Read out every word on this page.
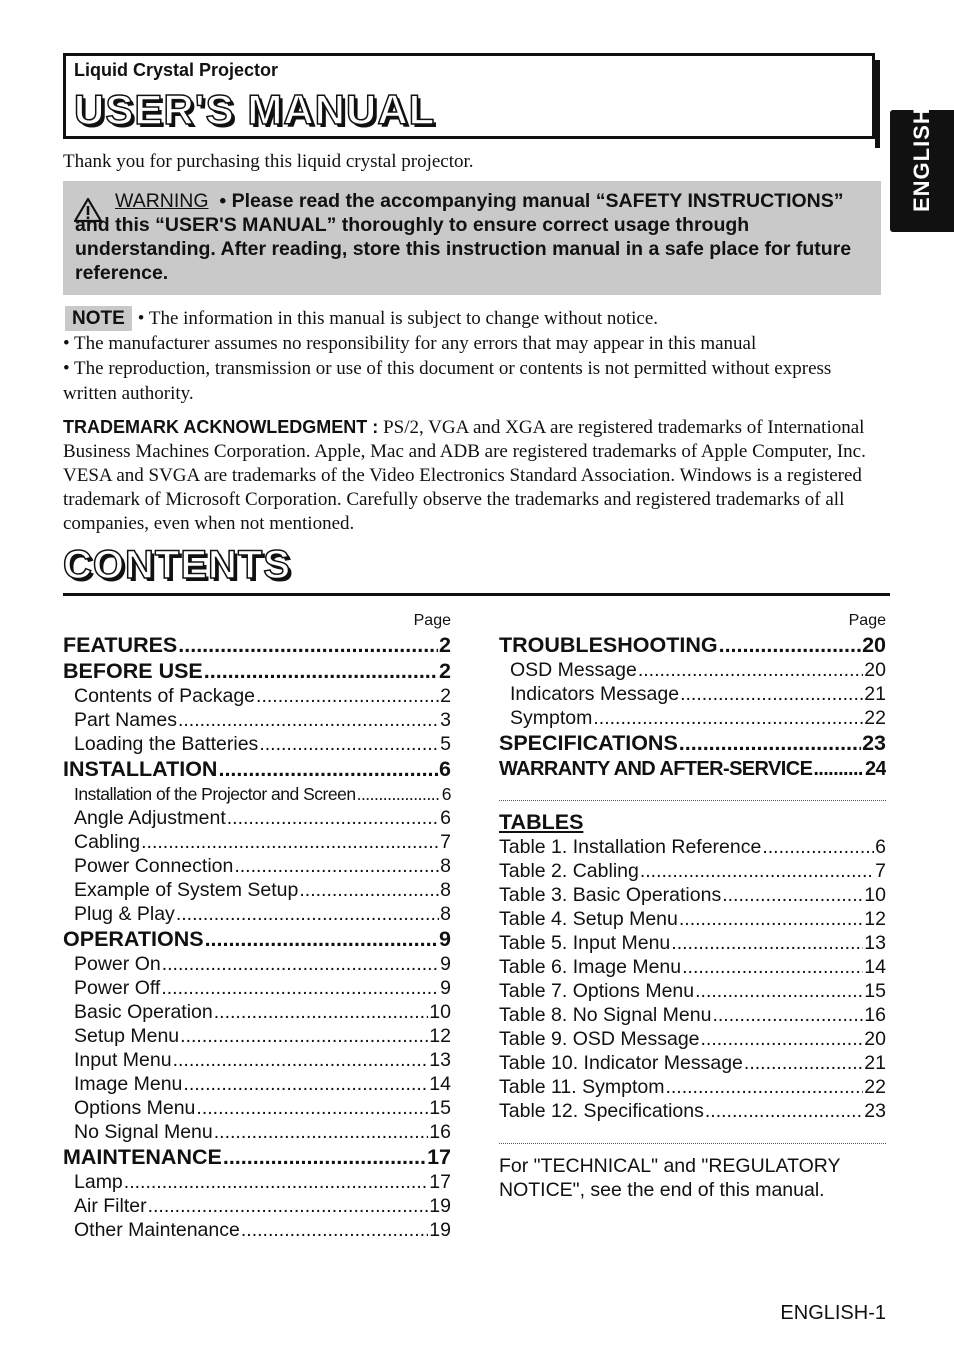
Liquid Crystal Projector
USER'S MANUAL	ENGLISH
Thank you for purchasing this liquid crystal projector.
WARNING • Please read the accompanying manual “SAFETY INSTRUCTIONS” and this “USER'S MANUAL” thoroughly to ensure correct usage through understanding. After reading, store this instruction manual in a safe place for future reference.
NOTE • The information in this manual is subject to change without notice.
• The manufacturer assumes no responsibility for any errors that may appear in this manual
• The reproduction, transmission or use of this document or contents is not permitted without express written authority.
TRADEMARK ACKNOWLEDGMENT : PS/2, VGA and XGA are registered trademarks of International Business Machines Corporation. Apple, Mac and ADB are registered trademarks of Apple Computer, Inc. VESA and SVGA are trademarks of the Video Electronics Standard Association. Windows is a registered trademark of Microsoft Corporation. Carefully observe the trademarks and registered trademarks of all companies, even when not mentioned.
CONTENTS
Page
FEATURES .....	2
BEFORE USE .....	2
Contents of Package .....	2
Part Names .....	3
Loading the Batteries .....	5
INSTALLATION .....	6
Installation of the Projector and Screen .....	6
Angle Adjustment .....	6
Cabling .....	7
Power Connection .....	8
Example of System Setup .....	8
Plug & Play .....	8
OPERATIONS .....	9
Power On .....	9
Power Off .....	9
Basic Operation .....	10
Setup Menu .....	12
Input Menu .....	13
Image Menu .....	14
Options Menu .....	15
No Signal Menu .....	16
MAINTENANCE .....	17
Lamp .....	17
Air Filter .....	19
Other Maintenance .....	19
Page
TROUBLESHOOTING .....	20
OSD Message .....	20
Indicators Message .....	21
Symptom .....	22
SPECIFICATIONS .....	23
WARRANTY AND AFTER-SERVICE .....	24
TABLES
Table 1. Installation Reference .....	6
Table 2. Cabling .....	7
Table 3. Basic Operations .....	10
Table 4. Setup Menu .....	12
Table 5. Input Menu .....	13
Table 6. Image Menu .....	14
Table 7. Options Menu .....	15
Table 8. No Signal Menu .....	16
Table 9. OSD Message .....	20
Table 10. Indicator Message .....	21
Table 11. Symptom .....	22
Table 12. Specifications .....	23
For "TECHNICAL" and "REGULATORY NOTICE", see the end of this manual.
ENGLISH-1
